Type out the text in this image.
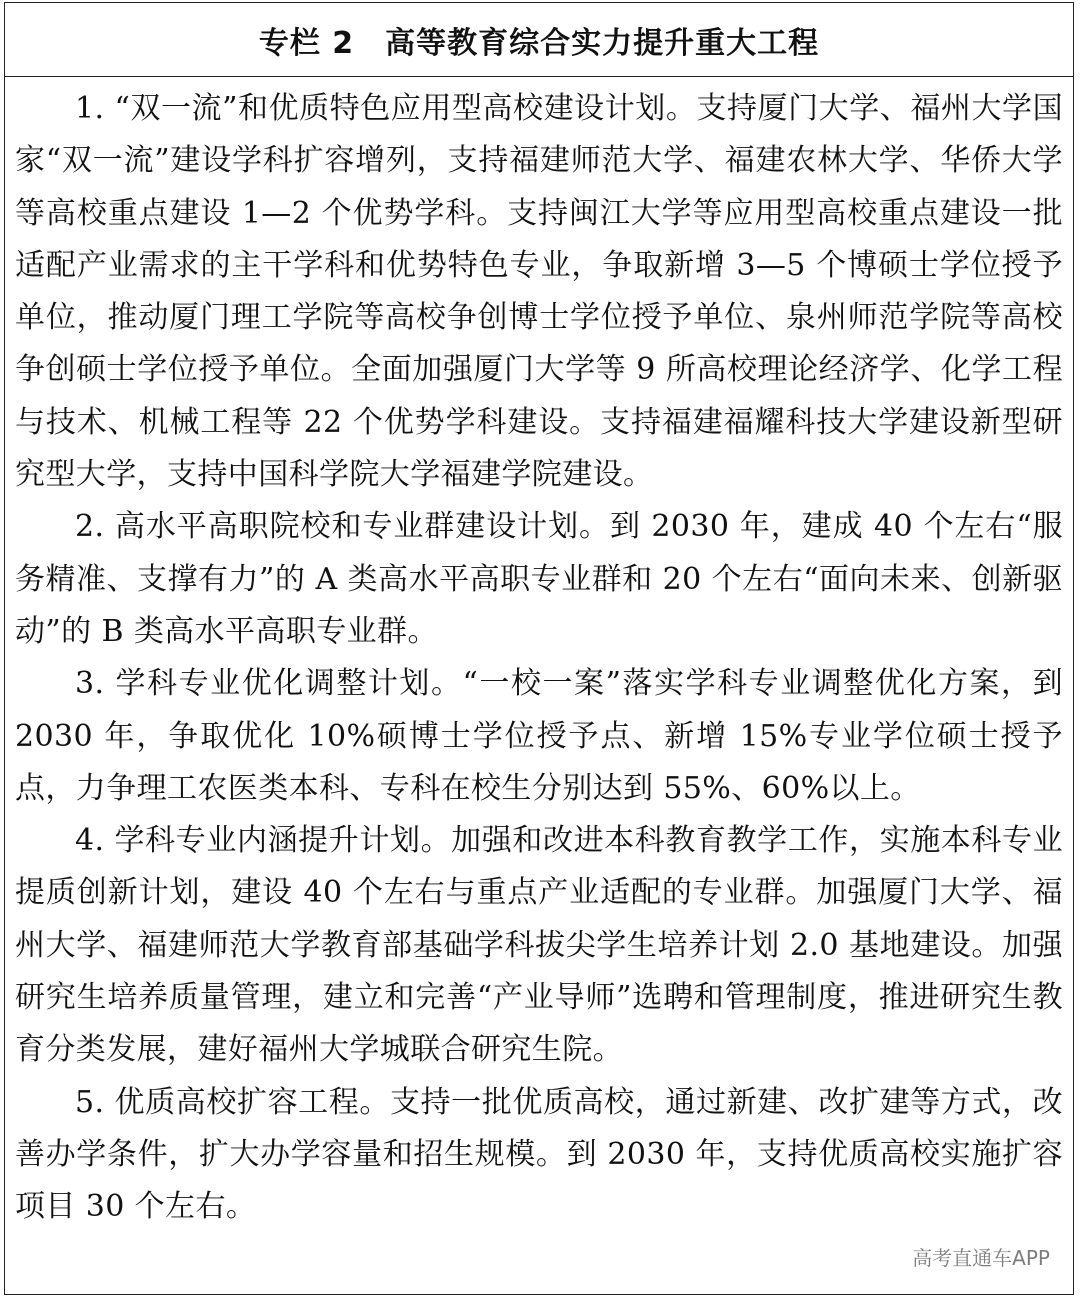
专栏 2　高等教育综合实力提升重大工程

1. “双一流”和优质特色应用型高校建设计划。支持厦门大学、福州大学国家“双一流”建设学科扩容增列，支持福建师范大学、福建农林大学、华侨大学等高校重点建设 1—2 个优势学科。支持闽江大学等应用型高校重点建设一批适配产业需求的主干学科和优势特色专业，争取新增 3—5 个博硕士学位授予单位，推动厦门理工学院等高校争创博士学位授予单位、泉州师范学院等高校争创硕士学位授予单位。全面加强厦门大学等 9 所高校理论经济学、化学工程与技术、机械工程等 22 个优势学科建设。支持福建福耀科技大学建设新型研究型大学，支持中国科学院大学福建学院建设。

2. 高水平高职院校和专业群建设计划。到 2030 年，建成 40 个左右“服务精准、支撑有力”的 A 类高水平高职专业群和 20 个左右“面向未来、创新驱动”的 B 类高水平高职专业群。

3. 学科专业优化调整计划。“一校一案”落实学科专业调整优化方案，到 2030 年，争取优化 10%硕博士学位授予点、新增 15%专业学位硕士授予点，力争理工农医类本科、专科在校生分别达到 55%、60%以上。

4. 学科专业内涵提升计划。加强和改进本科教育教学工作，实施本科专业提质创新计划，建设 40 个左右与重点产业适配的专业群。加强厦门大学、福州大学、福建师范大学教育部基础学科拔尖学生培养计划 2.0 基地建设。加强研究生培养质量管理，建立和完善“产业导师”选聘和管理制度，推进研究生教育分类发展，建好福州大学城联合研究生院。

5. 优质高校扩容工程。支持一批优质高校，通过新建、改扩建等方式，改善办学条件，扩大办学容量和招生规模。到 2030 年，支持优质高校实施扩容项目 30 个左右。

高考直通车APP
